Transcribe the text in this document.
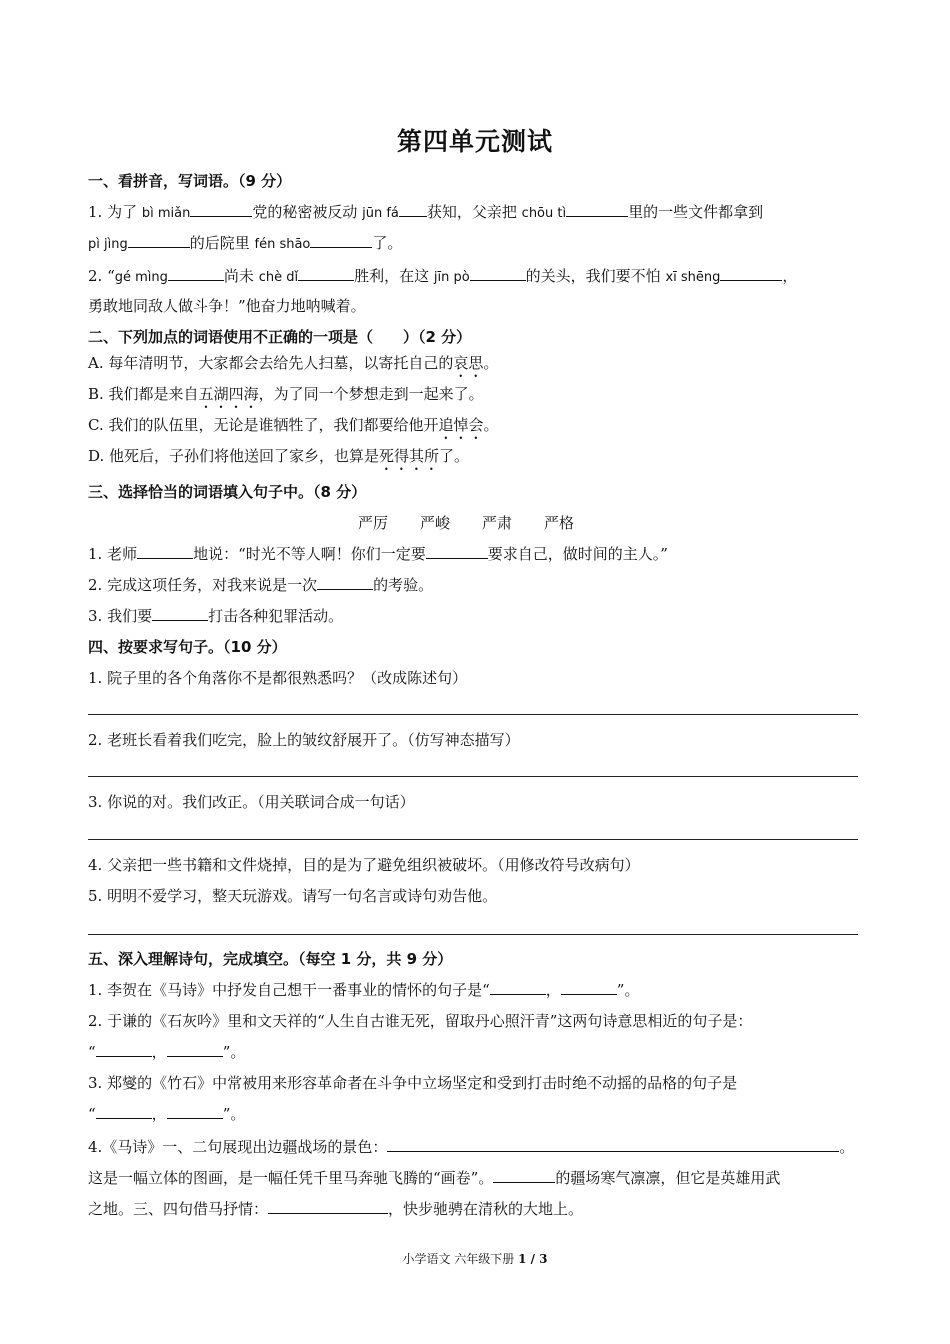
第四单元测试
一、看拼音，写词语。（9 分）
1. 为了 bì miǎn	党的秘密被反动 jūn fá 获知，父亲把 chōu tì	里的一些文件都拿到
pì jìng	的后院里 fén shāo	了。
2. “gé mìng	尚未 chè dǐ	胜利，在这 jīn pò	的关头，我们要不怕 xī shēng	，
勇敢地同敌人做斗争！”他奋力地呐喊着。
二、下列加点的词语使用不正确的一项是（　　）（2 分）
A. 每年清明节，大家都会去给先人扫墓，以寄托自己的哀思。
B. 我们都是来自五湖四海，为了同一个梦想走到一起来了。
C. 我们的队伍里，无论是谁牺牲了，我们都要给他开追悼会。
D. 他死后，子孙们将他送回了家乡，也算是死得其所了。
三、选择恰当的词语填入句子中。（8 分）
严厉 严峻 严肃 严格
1. 老师	地说：“时光不等人啊！你们一定要	要求自己，做时间的主人。”
2. 完成这项任务，对我来说是一次	的考验。
3. 我们要	打击各种犯罪活动。
四、按要求写句子。（10 分）
1. 院子里的各个角落你不是都很熟悉吗？（改成陈述句）
2. 老班长看着我们吃完，脸上的皱纹舒展开了。（仿写神态描写）
3. 你说的对。我们改正。（用关联词合成一句话）
4. 父亲把一些书籍和文件烧掉，目的是为了避免组织被破坏。（用修改符号改病句）
5. 明明不爱学习，整天玩游戏。请写一句名言或诗句劝告他。
五、深入理解诗句，完成填空。（每空 1 分，共 9 分）
1. 李贺在《马诗》中抒发自己想干一番事业的情怀的句子是“	，	”。
2. 于谦的《石灰吟》里和文天祥的“人生自古谁无死，留取丹心照汗青”这两句诗意思相近的句子是：
“	，	”。
3. 郑燮的《竹石》中常被用来形容革命者在斗争中立场坚定和受到打击时绝不动摇的品格的句子是
“	，	”。
4.《马诗》一、二句展现出边疆战场的景色：	。
这是一幅立体的图画，是一幅任凭千里马奔驰飞腾的“画卷”。	的疆场寒气凛凛，但它是英雄用武
之地。三、四句借马抒情：	，快步驰骋在清秋的大地上。
小学语文 六年级下册 1 / 3
